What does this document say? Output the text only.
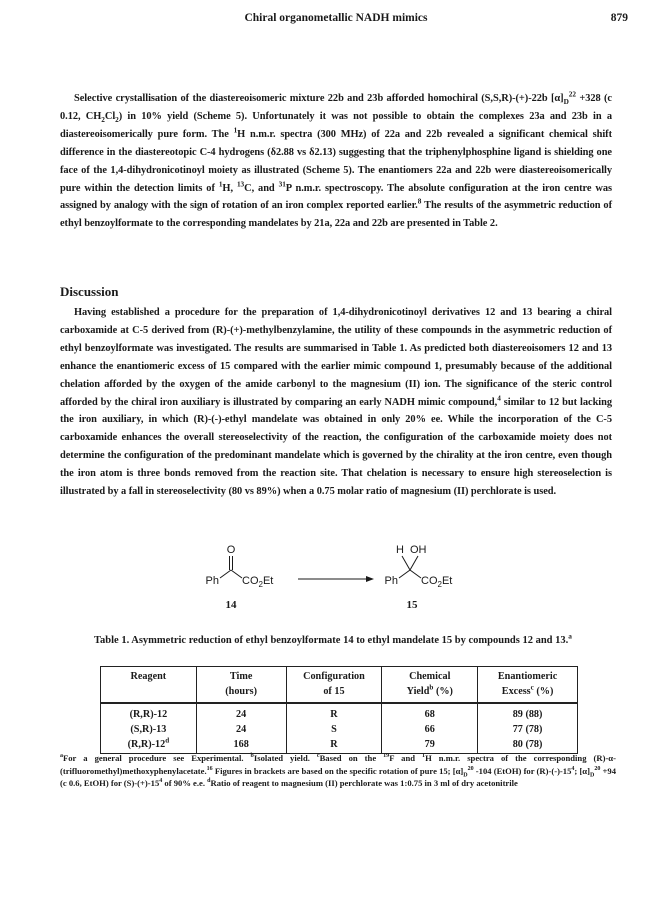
Chiral organometallic NADH mimics	879
Selective crystallisation of the diastereoisomeric mixture 22b and 23b afforded homochiral (S,S,R)-(+)-22b $[\alpha]_D^{22} +328$ (c 0.12, $CH_2Cl_2$) in 10% yield (Scheme 5). Unfortunately it was not possible to obtain the complexes 23a and 23b in a diastereoisomerically pure form. The $^1$H n.m.r. spectra (300 MHz) of 22a and 22b revealed a significant chemical shift difference in the diastereotopic C-4 hydrogens (δ2.88 vs δ2.13) suggesting that the triphenylphosphine ligand is shielding one face of the 1,4-dihydronicotinoyl moiety as illustrated (Scheme 5). The enantiomers 22a and 22b were diastereoisomerically pure within the detection limits of $^1$H, $^{13}$C, and $^{31}$P n.m.r. spectroscopy. The absolute configuration at the iron centre was assigned by analogy with the sign of rotation of an iron complex reported earlier.$^8$ The results of the asymmetric reduction of ethyl benzoylformate to the corresponding mandelates by 21a, 22a and 22b are presented in Table 2.
Discussion
Having established a procedure for the preparation of 1,4-dihydronicotinoyl derivatives 12 and 13 bearing a chiral carboxamide at C-5 derived from (R)-(+)-methylbenzylamine, the utility of these compounds in the asymmetric reduction of ethyl benzoylformate was investigated. The results are summarised in Table 1. As predicted both diastereoisomers 12 and 13 enhance the enantiomeric excess of 15 compared with the earlier mimic compound 1, presumably because of the additional chelation afforded by the oxygen of the amide carbonyl to the magnesium (II) ion. The significance of the steric control afforded by the chiral iron auxiliary is illustrated by comparing an early NADH mimic compound,$^4$ similar to 12 but lacking the iron auxiliary, in which (R)-(-)-ethyl mandelate was obtained in only 20% ee. While the incorporation of the C-5 carboxamide enhances the overall stereoselectivity of the reaction, the configuration of the carboxamide moiety does not determine the configuration of the predominant mandelate which is governed by the chirality at the iron centre, even though the iron atom is three bonds removed from the reaction site. That chelation is necessary to ensure high stereoselection is illustrated by a fall in stereoselectivity (80 vs 89%) when a 0.75 molar ratio of magnesium (II) perchlorate is used.
O
Ph $CO_2Et$
14
H OH
Ph $CO_2Et$
15
Table 1. Asymmetric reduction of ethyl benzoylformate 14 to ethyl mandelate 15 by compounds 12 and 13.$^a$
Reagent	Time	Configuration	Chemical	Enantiomeric
	(hours)	of 15	Yield$^b$ (%)	Excess$^c$ (%)
(R,R)-12	24	R	68	89 (88)
(S,R)-13	24	S	66	77 (78)
(R,R)-12$^d$	168	R	79	80 (78)
$^a$For a general procedure see Experimental. $^b$Isolated yield. $^c$Based on the $^{19}$F and $^1$H n.m.r. spectra of the corresponding (R)-α-(trifluoromethyl)methoxyphenylacetate.$^{16}$ Figures in brackets are based on the specific rotation of pure 15; $[\alpha]_D^{20}$ -104 (EtOH) for $(R)-(-)-15^4$; $[\alpha]_D^{20} +94$ (c 0.6, EtOH) for $(S)-(+)-15^4$ of 90% e.e. $^d$Ratio of reagent to magnesium (II) perchlorate was 1:0.75 in 3 ml of dry acetonitrile
